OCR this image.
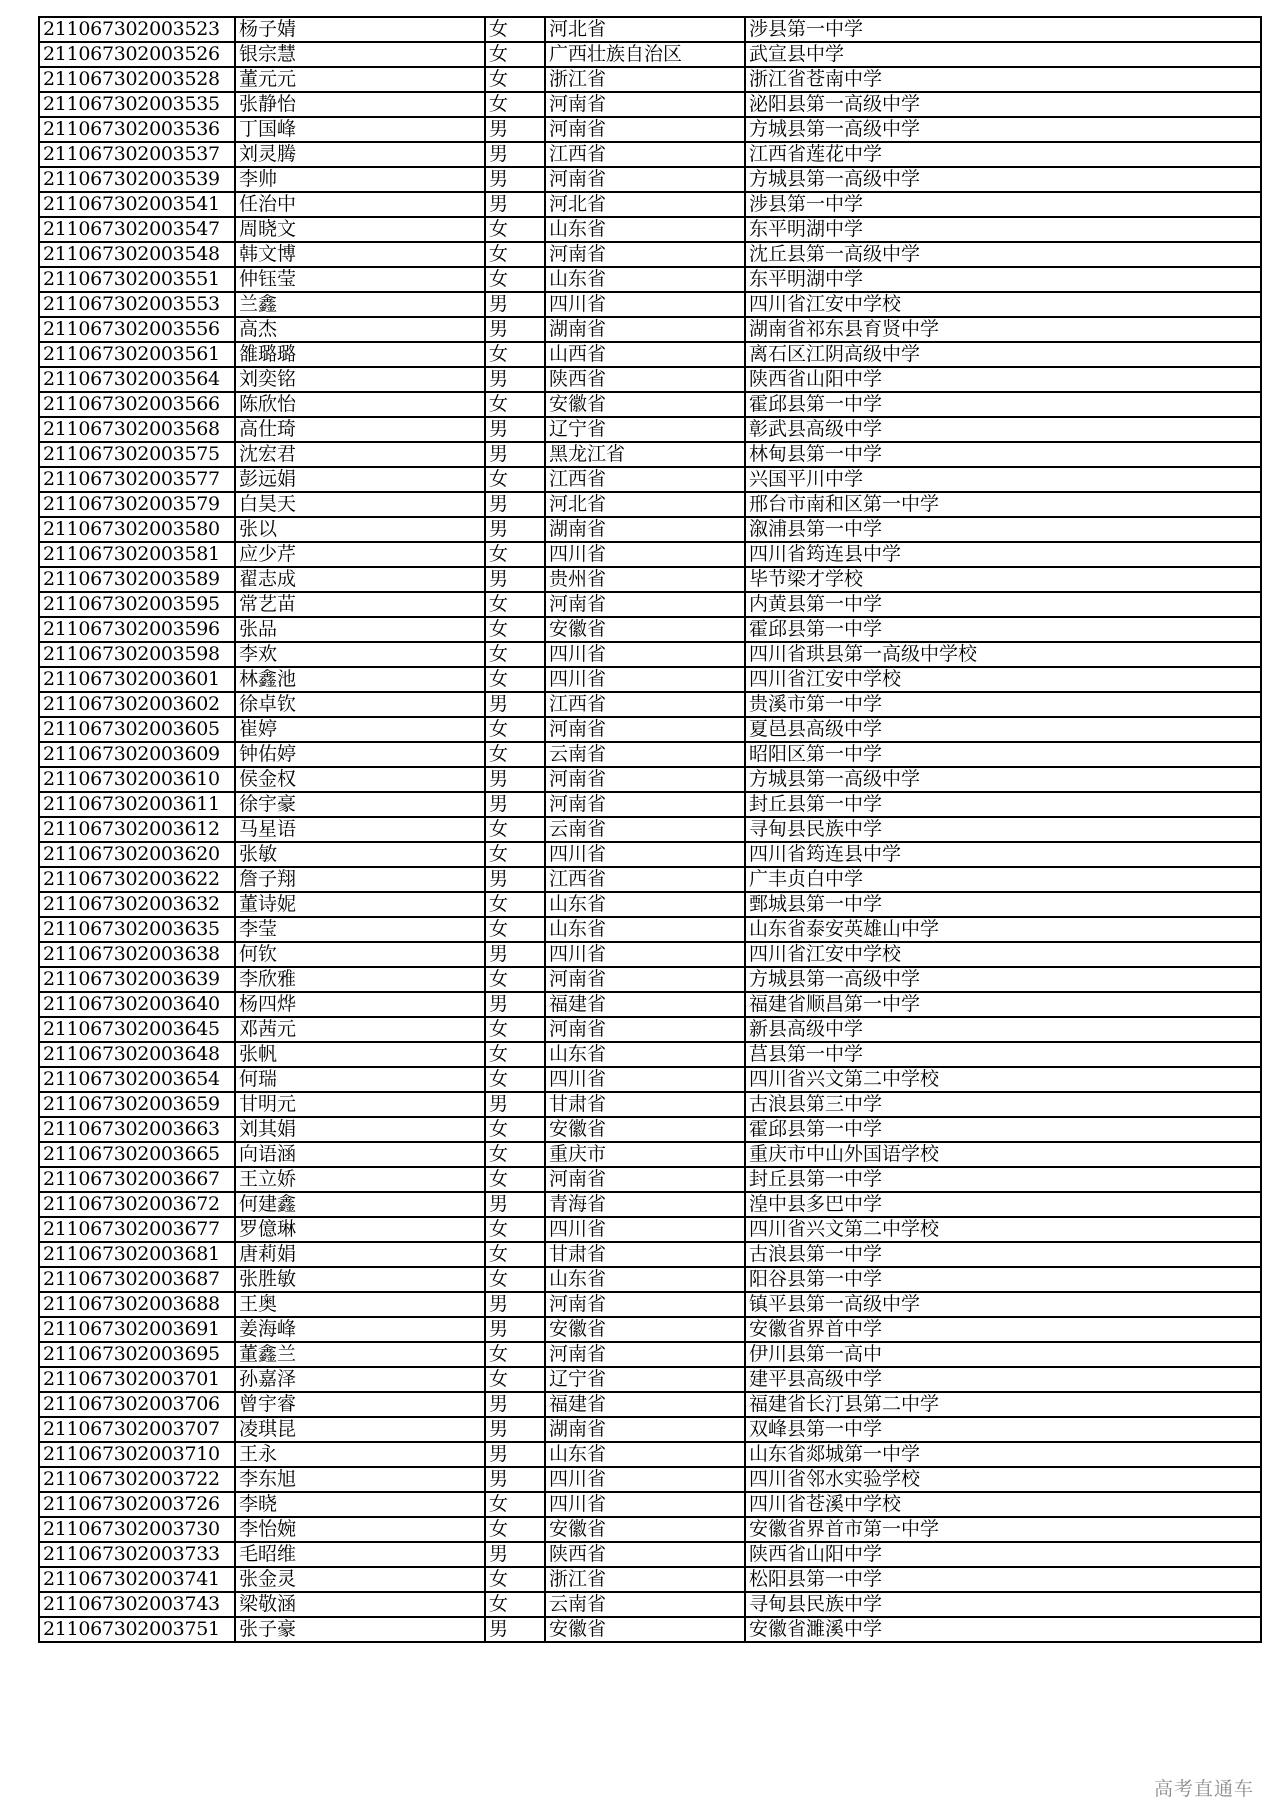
211067302003523	杨子婧	女	河北省	涉县第一中学
211067302003526	银宗慧	女	广西壮族自治区	武宣县中学
211067302003528	董元元	女	浙江省	浙江省苍南中学
211067302003535	张静怡	女	河南省	泌阳县第一高级中学
211067302003536	丁国峰	男	河南省	方城县第一高级中学
211067302003537	刘灵腾	男	江西省	江西省莲花中学
211067302003539	李帅	男	河南省	方城县第一高级中学
211067302003541	任治中	男	河北省	涉县第一中学
211067302003547	周晓文	女	山东省	东平明湖中学
211067302003548	韩文博	女	河南省	沈丘县第一高级中学
211067302003551	仲钰莹	女	山东省	东平明湖中学
211067302003553	兰鑫	男	四川省	四川省江安中学校
211067302003556	高杰	男	湖南省	湖南省祁东县育贤中学
211067302003561	雒璐璐	女	山西省	离石区江阴高级中学
211067302003564	刘奕铭	男	陕西省	陕西省山阳中学
211067302003566	陈欣怡	女	安徽省	霍邱县第一中学
211067302003568	高仕琦	男	辽宁省	彰武县高级中学
211067302003575	沈宏君	男	黑龙江省	林甸县第一中学
211067302003577	彭远娟	女	江西省	兴国平川中学
211067302003579	白昊天	男	河北省	邢台市南和区第一中学
211067302003580	张以	男	湖南省	溆浦县第一中学
211067302003581	应少芹	女	四川省	四川省筠连县中学
211067302003589	翟志成	男	贵州省	毕节梁才学校
211067302003595	常艺苗	女	河南省	内黄县第一中学
211067302003596	张品	女	安徽省	霍邱县第一中学
211067302003598	李欢	女	四川省	四川省珙县第一高级中学校
211067302003601	林鑫池	女	四川省	四川省江安中学校
211067302003602	徐卓钦	男	江西省	贵溪市第一中学
211067302003605	崔婷	女	河南省	夏邑县高级中学
211067302003609	钟佑婷	女	云南省	昭阳区第一中学
211067302003610	侯金权	男	河南省	方城县第一高级中学
211067302003611	徐宇豪	男	河南省	封丘县第一中学
211067302003612	马星语	女	云南省	寻甸县民族中学
211067302003620	张敏	女	四川省	四川省筠连县中学
211067302003622	詹子翔	男	江西省	广丰贞白中学
211067302003632	董诗妮	女	山东省	鄄城县第一中学
211067302003635	李莹	女	山东省	山东省泰安英雄山中学
211067302003638	何钦	男	四川省	四川省江安中学校
211067302003639	李欣雅	女	河南省	方城县第一高级中学
211067302003640	杨四烨	男	福建省	福建省顺昌第一中学
211067302003645	邓茜元	女	河南省	新县高级中学
211067302003648	张帆	女	山东省	莒县第一中学
211067302003654	何瑞	女	四川省	四川省兴文第二中学校
211067302003659	甘明元	男	甘肃省	古浪县第三中学
211067302003663	刘其娟	女	安徽省	霍邱县第一中学
211067302003665	向语涵	女	重庆市	重庆市中山外国语学校
211067302003667	王立娇	女	河南省	封丘县第一中学
211067302003672	何建鑫	男	青海省	湟中县多巴中学
211067302003677	罗億琳	女	四川省	四川省兴文第二中学校
211067302003681	唐莉娟	女	甘肃省	古浪县第一中学
211067302003687	张胜敏	女	山东省	阳谷县第一中学
211067302003688	王奥	男	河南省	镇平县第一高级中学
211067302003691	姜海峰	男	安徽省	安徽省界首中学
211067302003695	董鑫兰	女	河南省	伊川县第一高中
211067302003701	孙嘉泽	女	辽宁省	建平县高级中学
211067302003706	曾宇睿	男	福建省	福建省长汀县第二中学
211067302003707	凌琪昆	男	湖南省	双峰县第一中学
211067302003710	王永	男	山东省	山东省郯城第一中学
211067302003722	李东旭	男	四川省	四川省邻水实验学校
211067302003726	李晓	女	四川省	四川省苍溪中学校
211067302003730	李怡婉	女	安徽省	安徽省界首市第一中学
211067302003733	毛昭维	男	陕西省	陕西省山阳中学
211067302003741	张金灵	女	浙江省	松阳县第一中学
211067302003743	梁敬涵	女	云南省	寻甸县民族中学
211067302003751	张子豪	男	安徽省	安徽省濉溪中学
高考直通车
